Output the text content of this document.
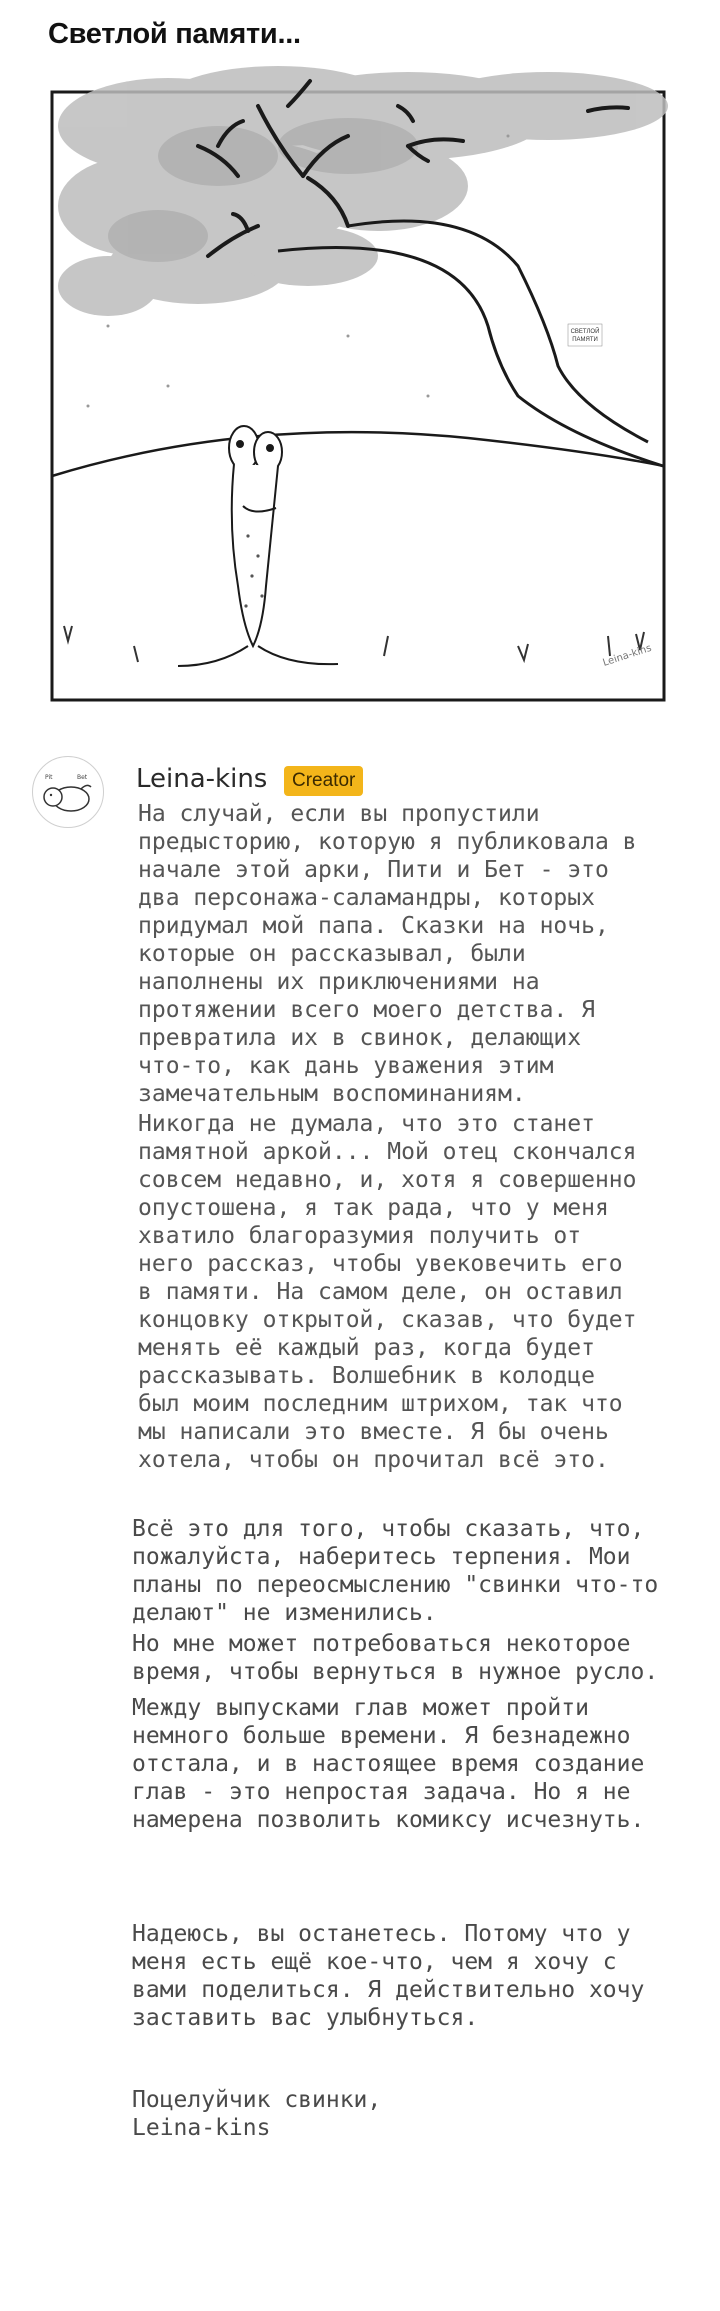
Светлой памяти...
СВЕТЛОЙ
ПАМЯТИ
Leina-kins
Pit	Bet Leina-kins	Creator
На случай, если вы пропустили
предысторию, которую я публиковала в
начале этой арки, Пити и Бет - это
два персонажа-саламандры, которых
придумал мой папа. Сказки на ночь,
которые он рассказывал, были
наполнены их приключениями на
протяжении всего моего детства. Я
превратила их в свинок, делающих
что-то, как дань уважения этим
замечательным воспоминаниям.
Никогда не думала, что это станет
памятной аркой... Мой отец скончался
совсем недавно, и, хотя я совершенно
опустошена, я так рада, что у меня
хватило благоразумия получить от
него рассказ, чтобы увековечить его
в памяти. На самом деле, он оставил
концовку открытой, сказав, что будет
менять её каждый раз, когда будет
рассказывать. Волшебник в колодце
был моим последним штрихом, так что
мы написали это вместе. Я бы очень
хотела, чтобы он прочитал всё это.
Всё это для того, чтобы сказать, что,
пожалуйста, наберитесь терпения. Мои
планы по переосмыслению "свинки что-то
делают" не изменились.
Но мне может потребоваться некоторое
время, чтобы вернуться в нужное русло.
Между выпусками глав может пройти
немного больше времени. Я безнадежно
отстала, и в настоящее время создание
глав - это непростая задача. Но я не
намерена позволить комиксу исчезнуть.
Надеюсь, вы останетесь. Потому что у
меня есть ещё кое-что, чем я хочу с
вами поделиться. Я действительно хочу
заставить вас улыбнуться.
Поцелуйчик свинки,
Leina-kins
